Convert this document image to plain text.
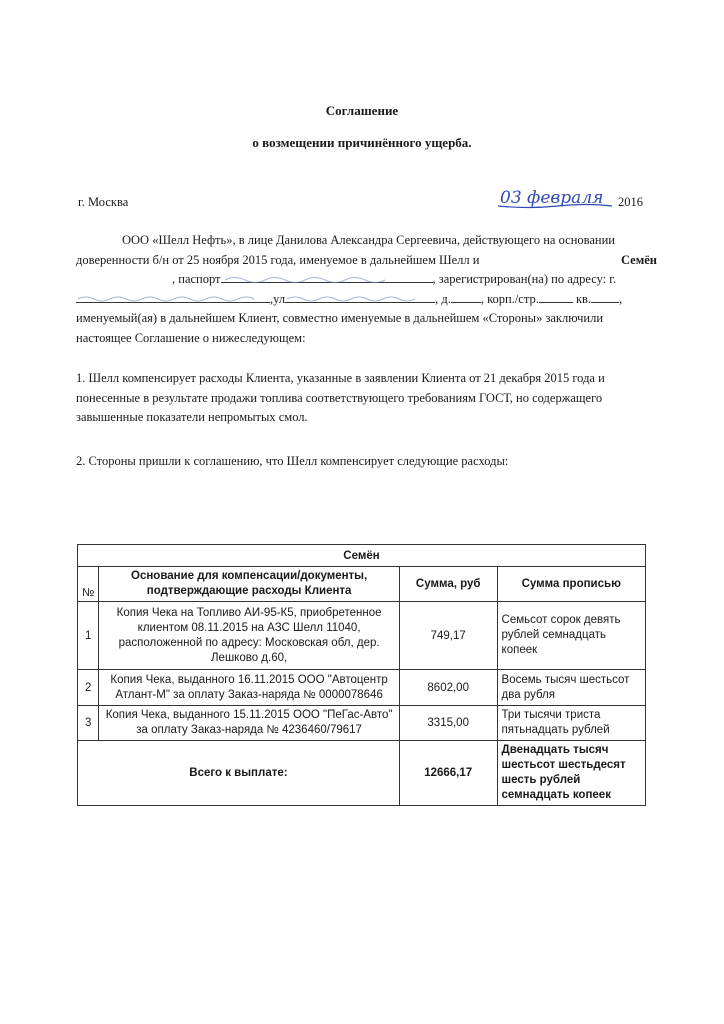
Соглашение
о возмещении причинённого ущерба.
г. Москва	03 февраля 2016
ООО «Шелл Нефть», в лице Данилова Александра Сергеевича, действующего на основании
доверенности б/н от 25 ноября 2015 года, именуемое в дальнейшем Шелл и	Семён
, паспорт	, зарегистрирован(на) по адресу: г.
,ул	, д. , корп./стр.	кв. ,
именуемый(ая) в дальнейшем Клиент, совместно именуемые в дальнейшем «Стороны» заключили
настоящее Соглашение о нижеследующем:
1. Шелл компенсирует расходы Клиента, указанные в заявлении Клиента от 21 декабря 2015 года и
понесенные в результате продажи топлива соответствующего требованиям ГОСТ, но содержащего
завышенные показатели непромытых смол.
2. Стороны пришли к соглашению, что Шелл компенсирует следующие расходы:
Семён			
№	Основание для компенсации/документы, подтверждающие расходы Клиента	Сумма, руб	Сумма прописью
1	Копия Чека на Топливо АИ-95-К5, приобретенное клиентом 08.11.2015 на АЗС Шелл 11040, расположенной по адресу: Московская обл, дер. Лешково д.60,	749,17	Семьсот сорок девять рублей семнадцать копеек
2	Копия Чека, выданного 16.11.2015 ООО "Автоцентр Атлант-М" за оплату Заказ-наряда № 0000078646	8602,00	Восемь тысяч шестьсот два рубля
3	Копия Чека, выданного 15.11.2015 ООО "ПеГас-Авто" за оплату Заказ-наряда № 4236460/79617	3315,00	Три тысячи триста пятьнадцать рублей
Всего к выплате:		12666,17	Двенадцать тысяч шестьсот шестьдесят шесть рублей семнадцать копеек
